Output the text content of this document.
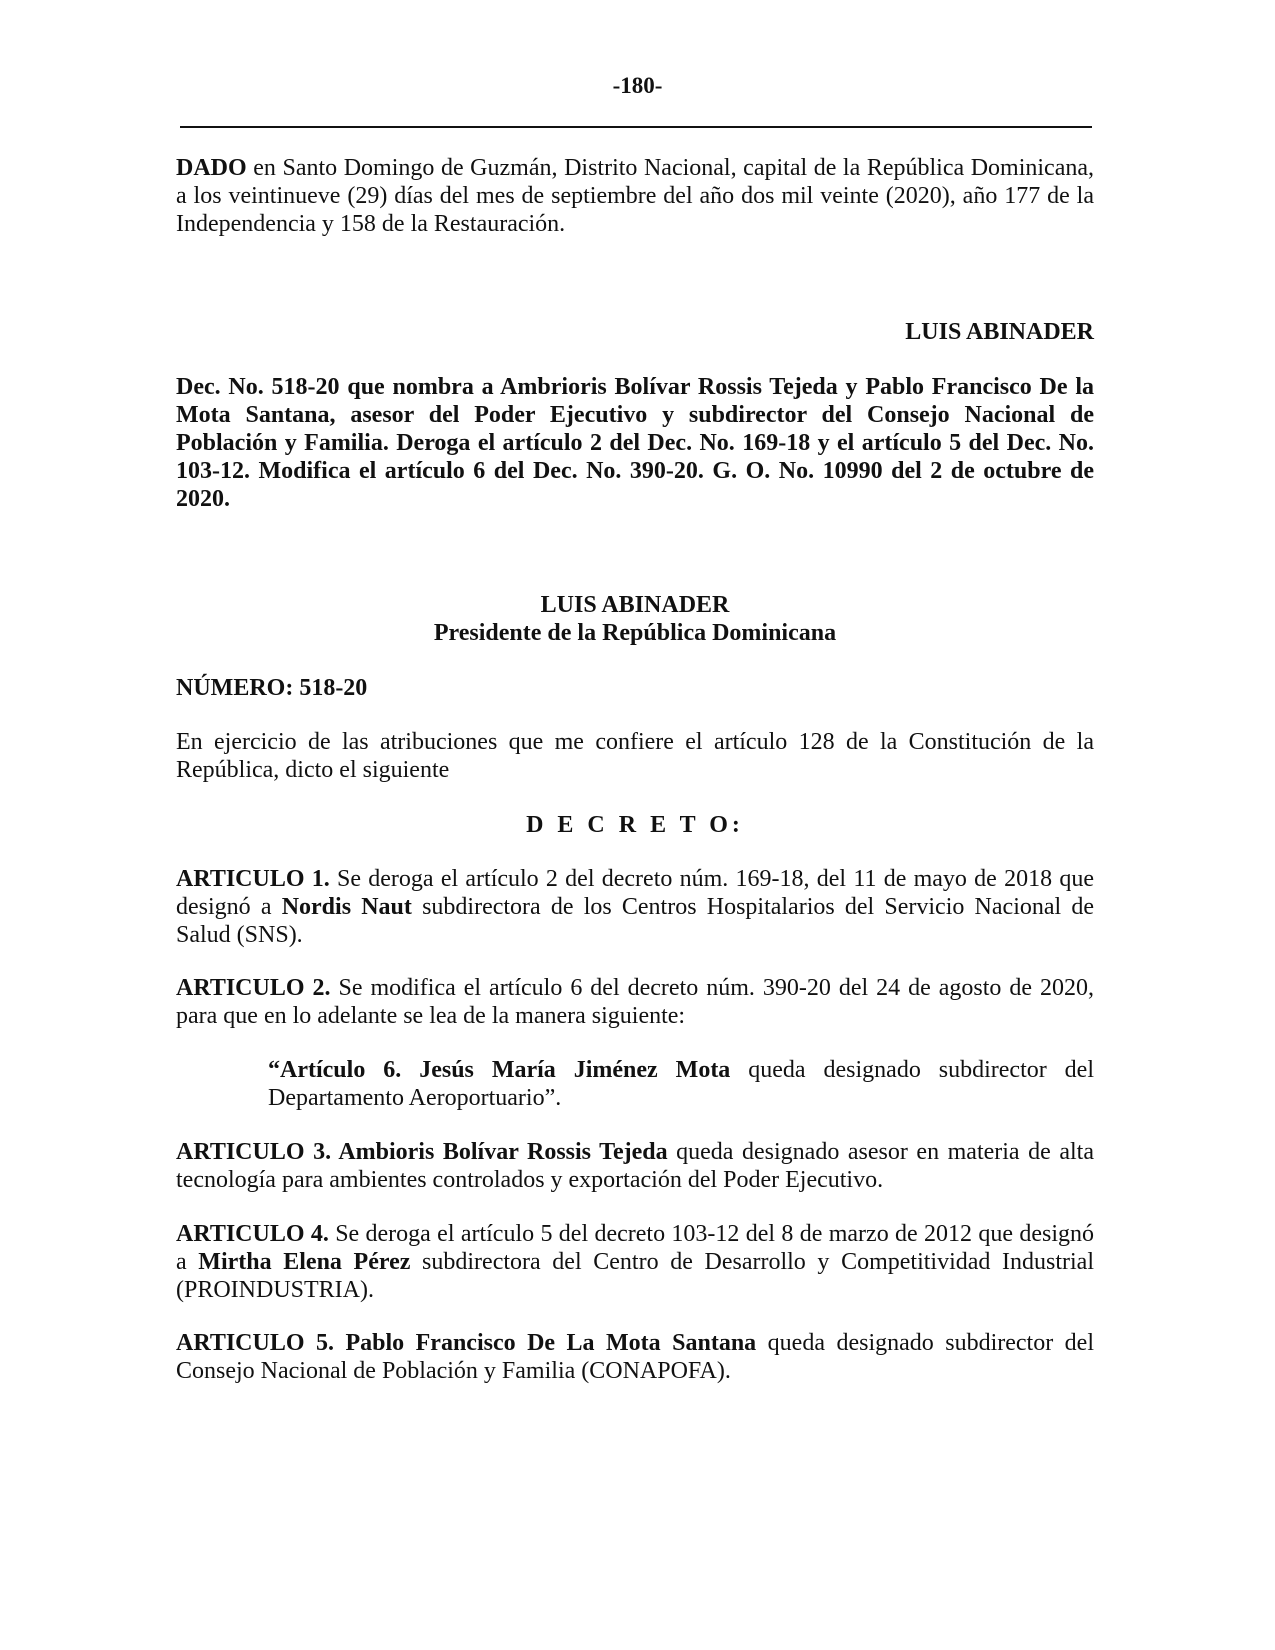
-180-

DADO en Santo Domingo de Guzmán, Distrito Nacional, capital de la República Dominicana, a los veintinueve (29) días del mes de septiembre del año dos mil veinte (2020), año 177 de la Independencia y 158 de la Restauración.

LUIS ABINADER

Dec. No. 518-20 que nombra a Ambrioris Bolívar Rossis Tejeda y Pablo Francisco De la Mota Santana, asesor del Poder Ejecutivo y subdirector del Consejo Nacional de Población y Familia. Deroga el artículo 2 del Dec. No. 169-18 y el artículo 5 del Dec. No. 103-12. Modifica el artículo 6 del Dec. No. 390-20. G. O. No. 10990 del 2 de octubre de 2020.

LUIS ABINADER

Presidente de la República Dominicana

NÚMERO: 518-20

En ejercicio de las atribuciones que me confiere el artículo 128 de la Constitución de la República, dicto el siguiente

D E C R E T O:

ARTICULO 1. Se deroga el artículo 2 del decreto núm. 169-18, del 11 de mayo de 2018 que designó a Nordis Naut subdirectora de los Centros Hospitalarios del Servicio Nacional de Salud (SNS).

ARTICULO 2. Se modifica el artículo 6 del decreto núm. 390-20 del 24 de agosto de 2020, para que en lo adelante se lea de la manera siguiente:

“Artículo 6. Jesús María Jiménez Mota queda designado subdirector del Departamento Aeroportuario”.

ARTICULO 3. Ambioris Bolívar Rossis Tejeda queda designado asesor en materia de alta tecnología para ambientes controlados y exportación del Poder Ejecutivo.

ARTICULO 4. Se deroga el artículo 5 del decreto 103-12 del 8 de marzo de 2012 que designó a Mirtha Elena Pérez subdirectora del Centro de Desarrollo y Competitividad Industrial (PROINDUSTRIA).

ARTICULO 5. Pablo Francisco De La Mota Santana queda designado subdirector del Consejo Nacional de Población y Familia (CONAPOFA).
